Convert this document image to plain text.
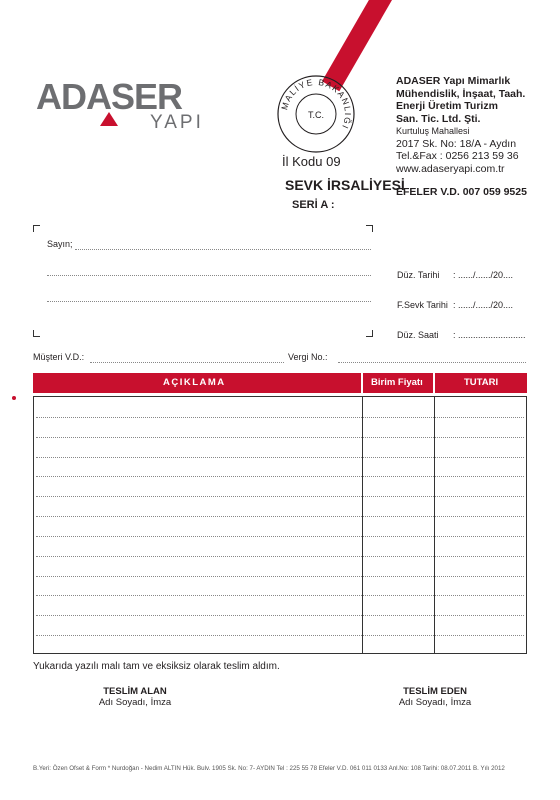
ADASER
YAPI
MALİYE BAKANLIĞI
T.C.
İl Kodu 09
ADASER Yapı Mimarlık
Mühendislik, İnşaat, Taah.
Enerji Üretim Turizm
San. Tic. Ltd. Şti.
Kurtuluş Mahallesi
2017 Sk. No: 18/A - Aydın
Tel.&Fax : 0256 213 59 36
www.adaseryapi.com.tr
EFELER V.D. 007 059 9525
SEVK İRSALİYESİ
SERİ A :
Sayın;
Düz. Tarihi : ....../....../20....
F.Sevk Tarihi : ....../....../20....
Düz. Saati : ...........................
Müşteri V.D.:	Vergi No.:
AÇIKLAMA	Birim Fiyatı	TUTARI
Yukarıda yazılı malı tam ve eksiksiz olarak teslim aldım.
TESLİM ALAN
Adı Soyadı, İmza
TESLİM EDEN
Adı Soyadı, İmza
B.Yeri: Özen Ofset & Form * Nurdoğan - Nedim ALTIN Hük. Bulv. 1905 Sk. No: 7- AYDIN Tel : 225 55 78 Efeler V.D. 061 011 0133 Anl.No: 108 Tarihi: 08.07.2011 B. Yılı 2012
